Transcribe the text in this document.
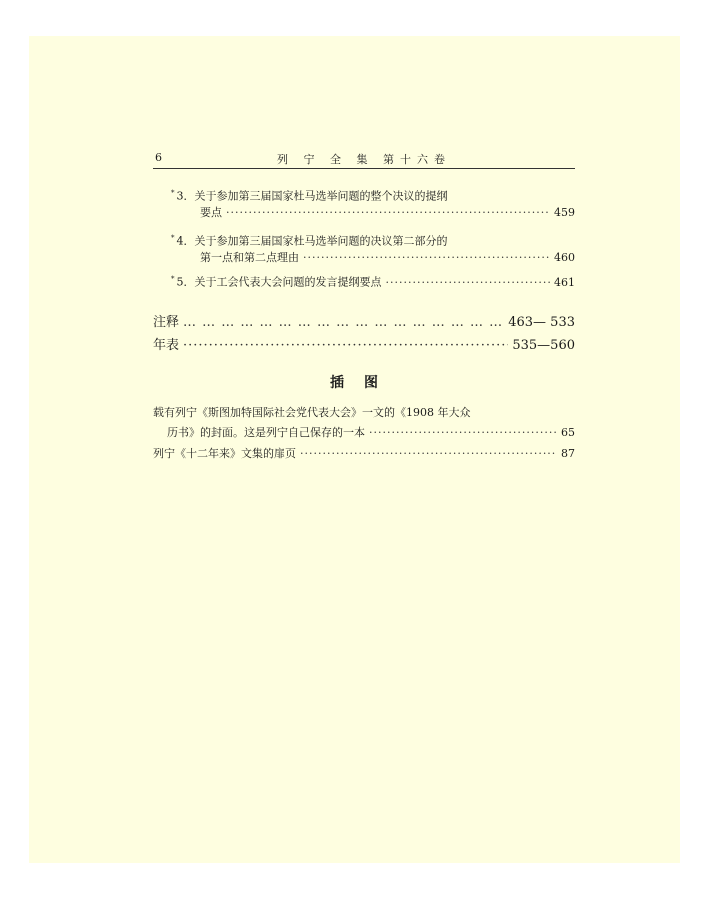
6	列 宁 全 集 第十六卷
* 3．关于参加第三届国家杜马选举问题的整个决议的提纲
要点 ·····	459
* 4．关于参加第三届国家杜马选举问题的决议第二部分的
第一点和第二点理由 ·····	460
* 5．关于工会代表大会问题的发言提纲要点 ·····	461
注释 … … … … … … … … … … … … … … … … … … … … … … … … … … … … … … … … … … … … … … …	463— 533
年表 ·····	535—560
插图
载有列宁《斯图加特国际社会党代表大会》一文的《1908 年大众
历书》的封面。这是列宁自己保存的一本 ·····	65
列宁《十二年来》文集的扉页 ·····	87
